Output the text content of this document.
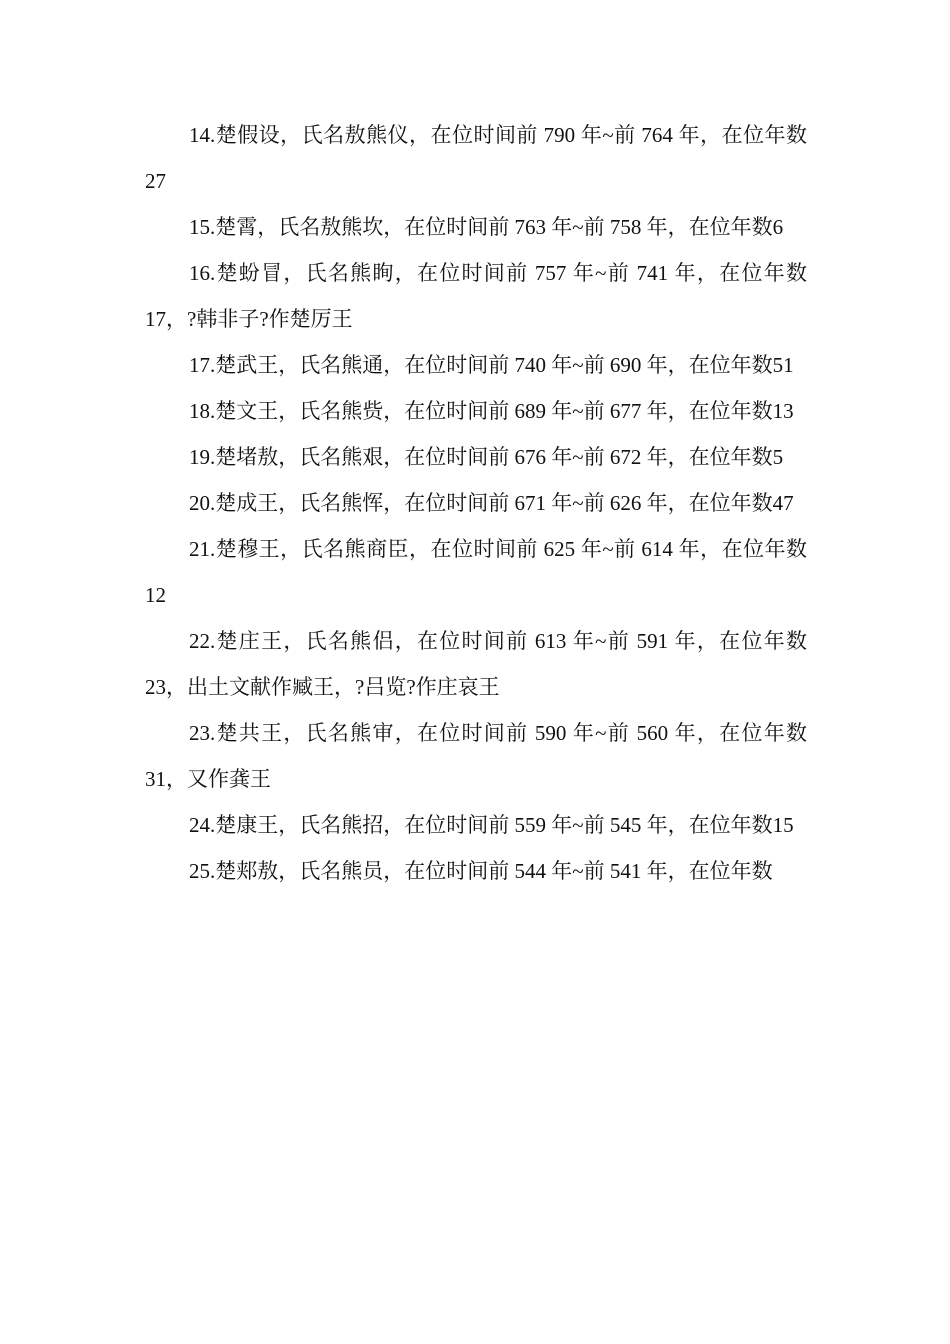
14.楚假设，氏名敖熊仪，在位时间前 790 年~前 764 年，在位年数 27

15.楚霄，氏名敖熊坎，在位时间前 763 年~前 758 年，在位年数6

16.楚蚡冒，氏名熊眴，在位时间前 757 年~前 741 年，在位年数17，?韩非子?作楚厉王

17.楚武王，氏名熊通，在位时间前 740 年~前 690 年，在位年数51

18.楚文王，氏名熊赀，在位时间前 689 年~前 677 年，在位年数13

19.楚堵敖，氏名熊艰，在位时间前 676 年~前 672 年，在位年数5

20.楚成王，氏名熊恽，在位时间前 671 年~前 626 年，在位年数47

21.楚穆王，氏名熊商臣，在位时间前 625 年~前 614 年，在位年数 12

22.楚庄王，氏名熊侣，在位时间前 613 年~前 591 年，在位年数23，出土文献作臧王，?吕览?作庄哀王

23.楚共王，氏名熊审，在位时间前 590 年~前 560 年，在位年数31，又作龚王

24.楚康王，氏名熊招，在位时间前 559 年~前 545 年，在位年数15

25.楚郏敖，氏名熊员，在位时间前 544 年~前 541 年，在位年数
